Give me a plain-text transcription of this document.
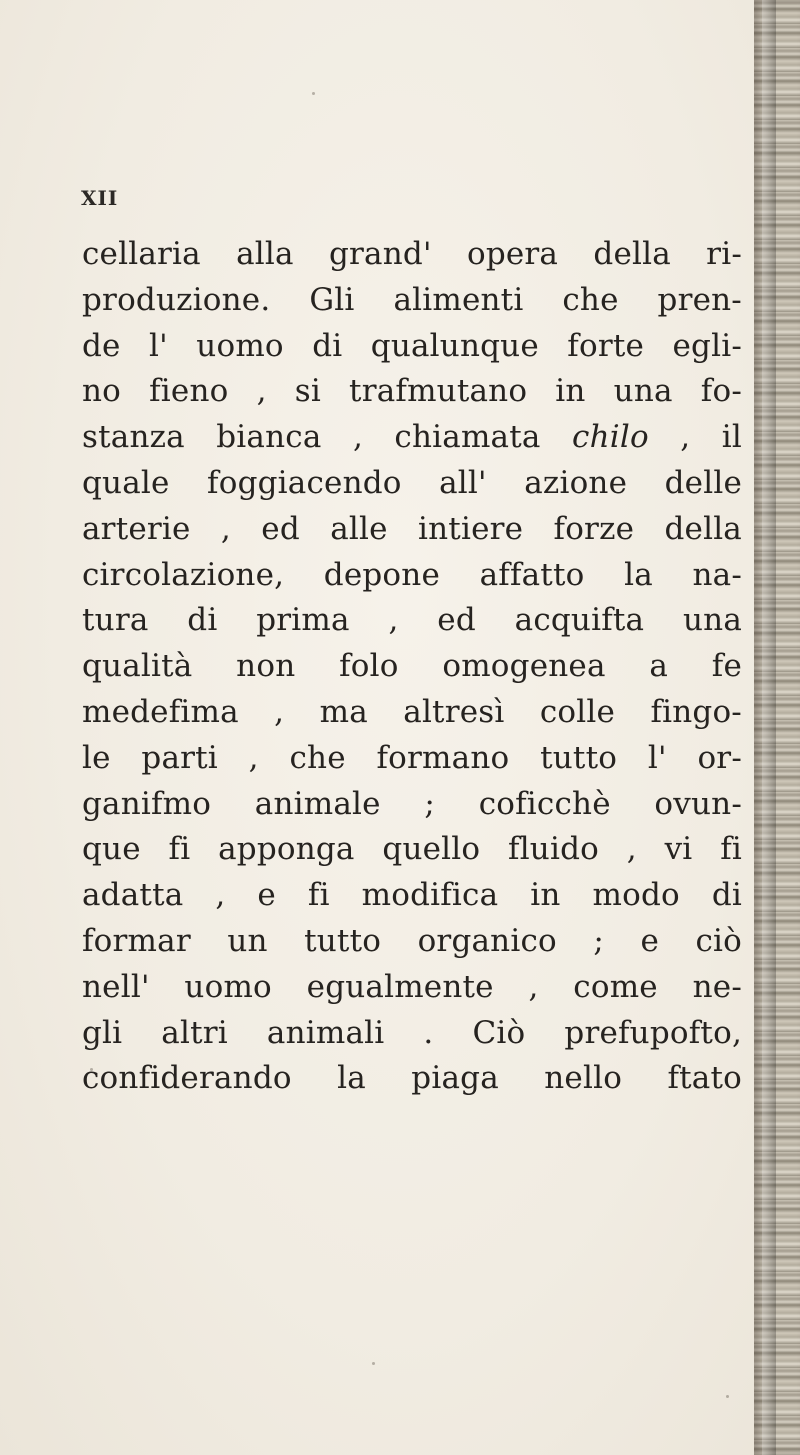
XII
cellaria alla grand' opera della ri-
produzione. Gli alimenti che pren-
de l' uomo di qualunque forte egli-
no fieno , si trafmutano in una fo-
stanza bianca , chiamata chilo , il
quale foggiacendo all' azione delle
arterie , ed alle intiere forze della
circolazione, depone affatto la na-
tura di prima , ed acquifta una
qualità non folo omogenea a fe
medefima , ma altresì colle fingo-
le parti , che formano tutto l' or-
ganifmo animale ; coficchè ovun-
que fi apponga quello fluido , vi fi
adatta , e fi modifica in modo di
formar un tutto organico ; e ciò
nell' uomo egualmente , come ne-
gli altri animali . Ciò prefupofto,
confiderando la piaga nello ftato
